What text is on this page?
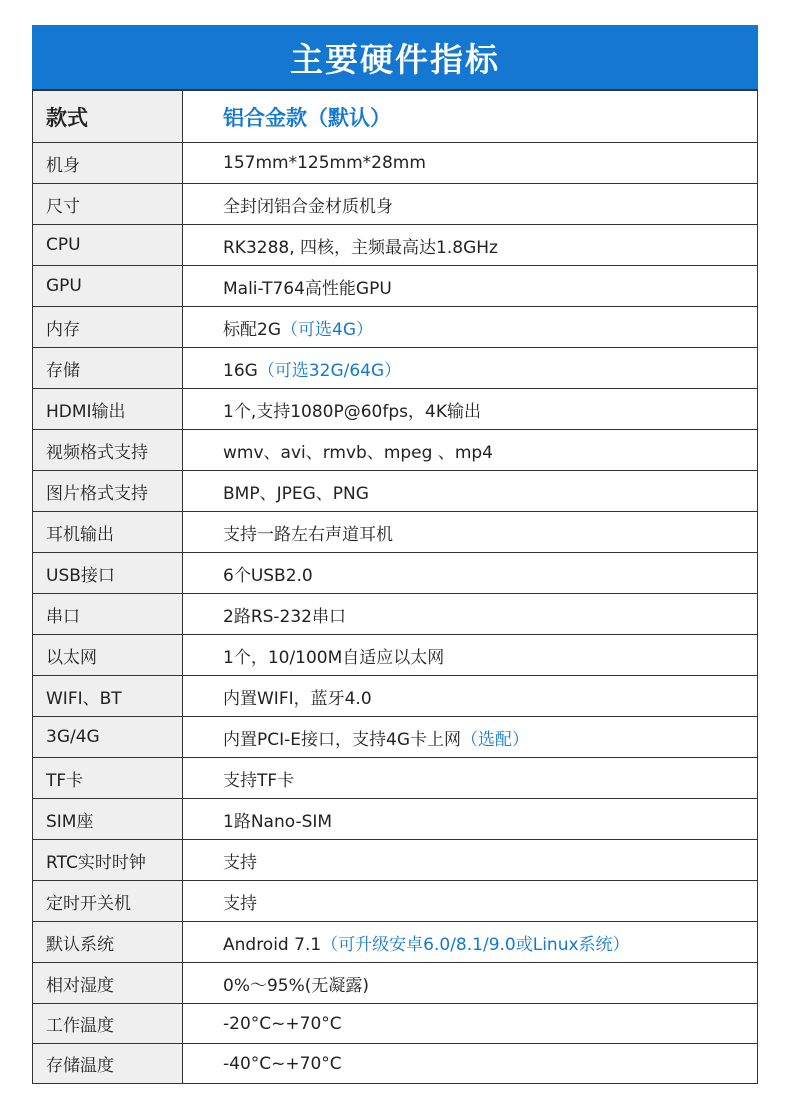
主要硬件指标
款式	铝合金款（默认）
机身	157mm*125mm*28mm
尺寸	全封闭铝合金材质机身
CPU	RK3288, 四核，主频最高达1.8GHz
GPU	Mali-T764高性能GPU
内存	标配2G（可选4G）
存储	16G（可选32G/64G）
HDMI输出	1个,支持1080P@60fps，4K输出
视频格式支持	wmv、avi、rmvb、mpeg 、mp4
图片格式支持	BMP、JPEG、PNG
耳机输出	支持一路左右声道耳机
USB接口	6个USB2.0
串口	2路RS-232串口
以太网	1个，10/100M自适应以太网
WIFI、BT	内置WIFI，蓝牙4.0
3G/4G	内置PCI-E接口，支持4G卡上网（选配）
TF卡	支持TF卡
SIM座	1路Nano-SIM
RTC实时时钟	支持
定时开关机	支持
默认系统	Android 7.1（可升级安卓6.0/8.1/9.0或Linux系统）
相对湿度	0%～95%(无凝露)
工作温度	-20°C~+70°C
存储温度	-40°C~+70°C
